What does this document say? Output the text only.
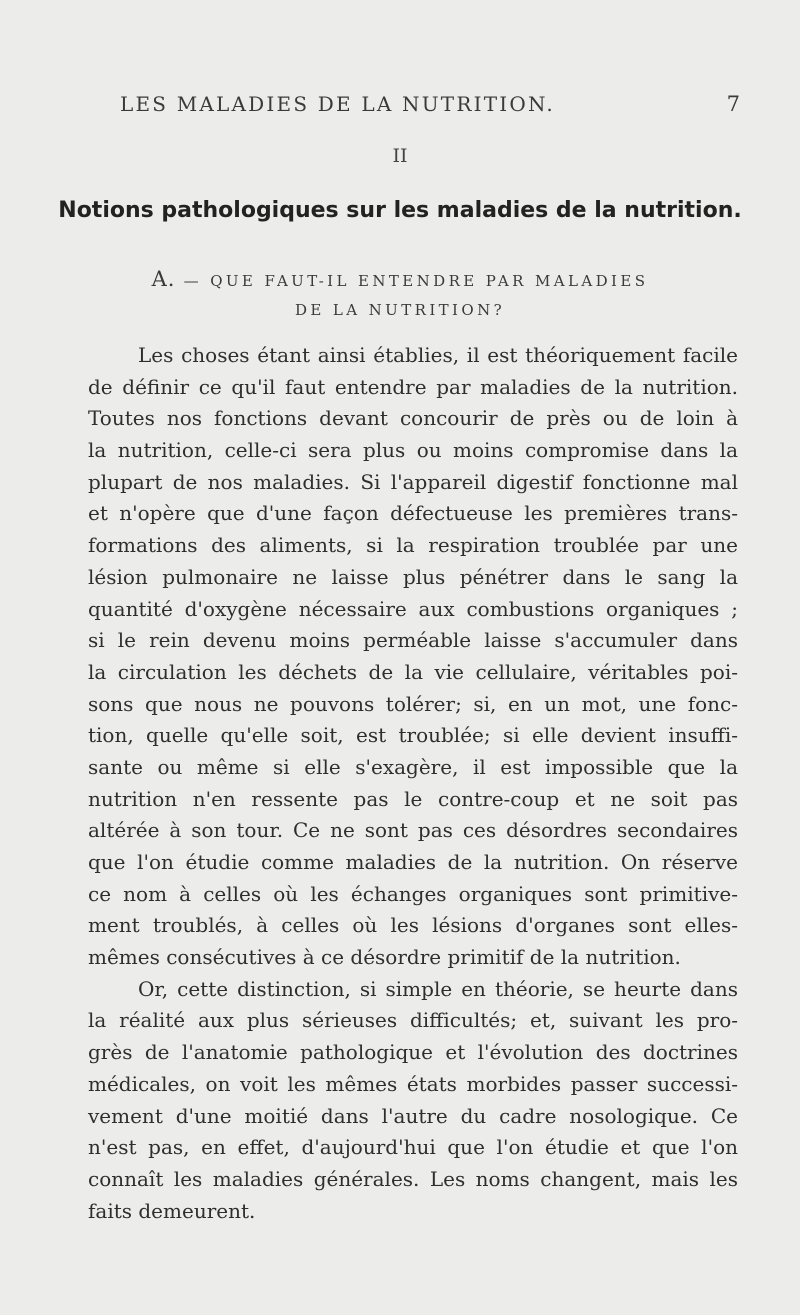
LES MALADIES DE LA NUTRITION.	7
II
Notions pathologiques sur les maladies de la nutrition.
A. — QUE FAUT-IL ENTENDRE PAR MALADIES
DE LA NUTRITION?
Les choses étant ainsi établies, il est théoriquement facile
de définir ce qu'il faut entendre par maladies de la nutrition.
Toutes nos fonctions devant concourir de près ou de loin à
la nutrition, celle-ci sera plus ou moins compromise dans la
plupart de nos maladies. Si l'appareil digestif fonctionne mal
et n'opère que d'une façon défectueuse les premières trans-
formations des aliments, si la respiration troublée par une
lésion pulmonaire ne laisse plus pénétrer dans le sang la
quantité d'oxygène nécessaire aux combustions organiques ;
si le rein devenu moins perméable laisse s'accumuler dans
la circulation les déchets de la vie cellulaire, véritables poi-
sons que nous ne pouvons tolérer; si, en un mot, une fonc-
tion, quelle qu'elle soit, est troublée; si elle devient insuffi-
sante ou même si elle s'exagère, il est impossible que la
nutrition n'en ressente pas le contre-coup et ne soit pas
altérée à son tour. Ce ne sont pas ces désordres secondaires
que l'on étudie comme maladies de la nutrition. On réserve
ce nom à celles où les échanges organiques sont primitive-
ment troublés, à celles où les lésions d'organes sont elles-
mêmes consécutives à ce désordre primitif de la nutrition.
Or, cette distinction, si simple en théorie, se heurte dans
la réalité aux plus sérieuses difficultés; et, suivant les pro-
grès de l'anatomie pathologique et l'évolution des doctrines
médicales, on voit les mêmes états morbides passer successi-
vement d'une moitié dans l'autre du cadre nosologique. Ce
n'est pas, en effet, d'aujourd'hui que l'on étudie et que l'on
connaît les maladies générales. Les noms changent, mais les
faits demeurent.
